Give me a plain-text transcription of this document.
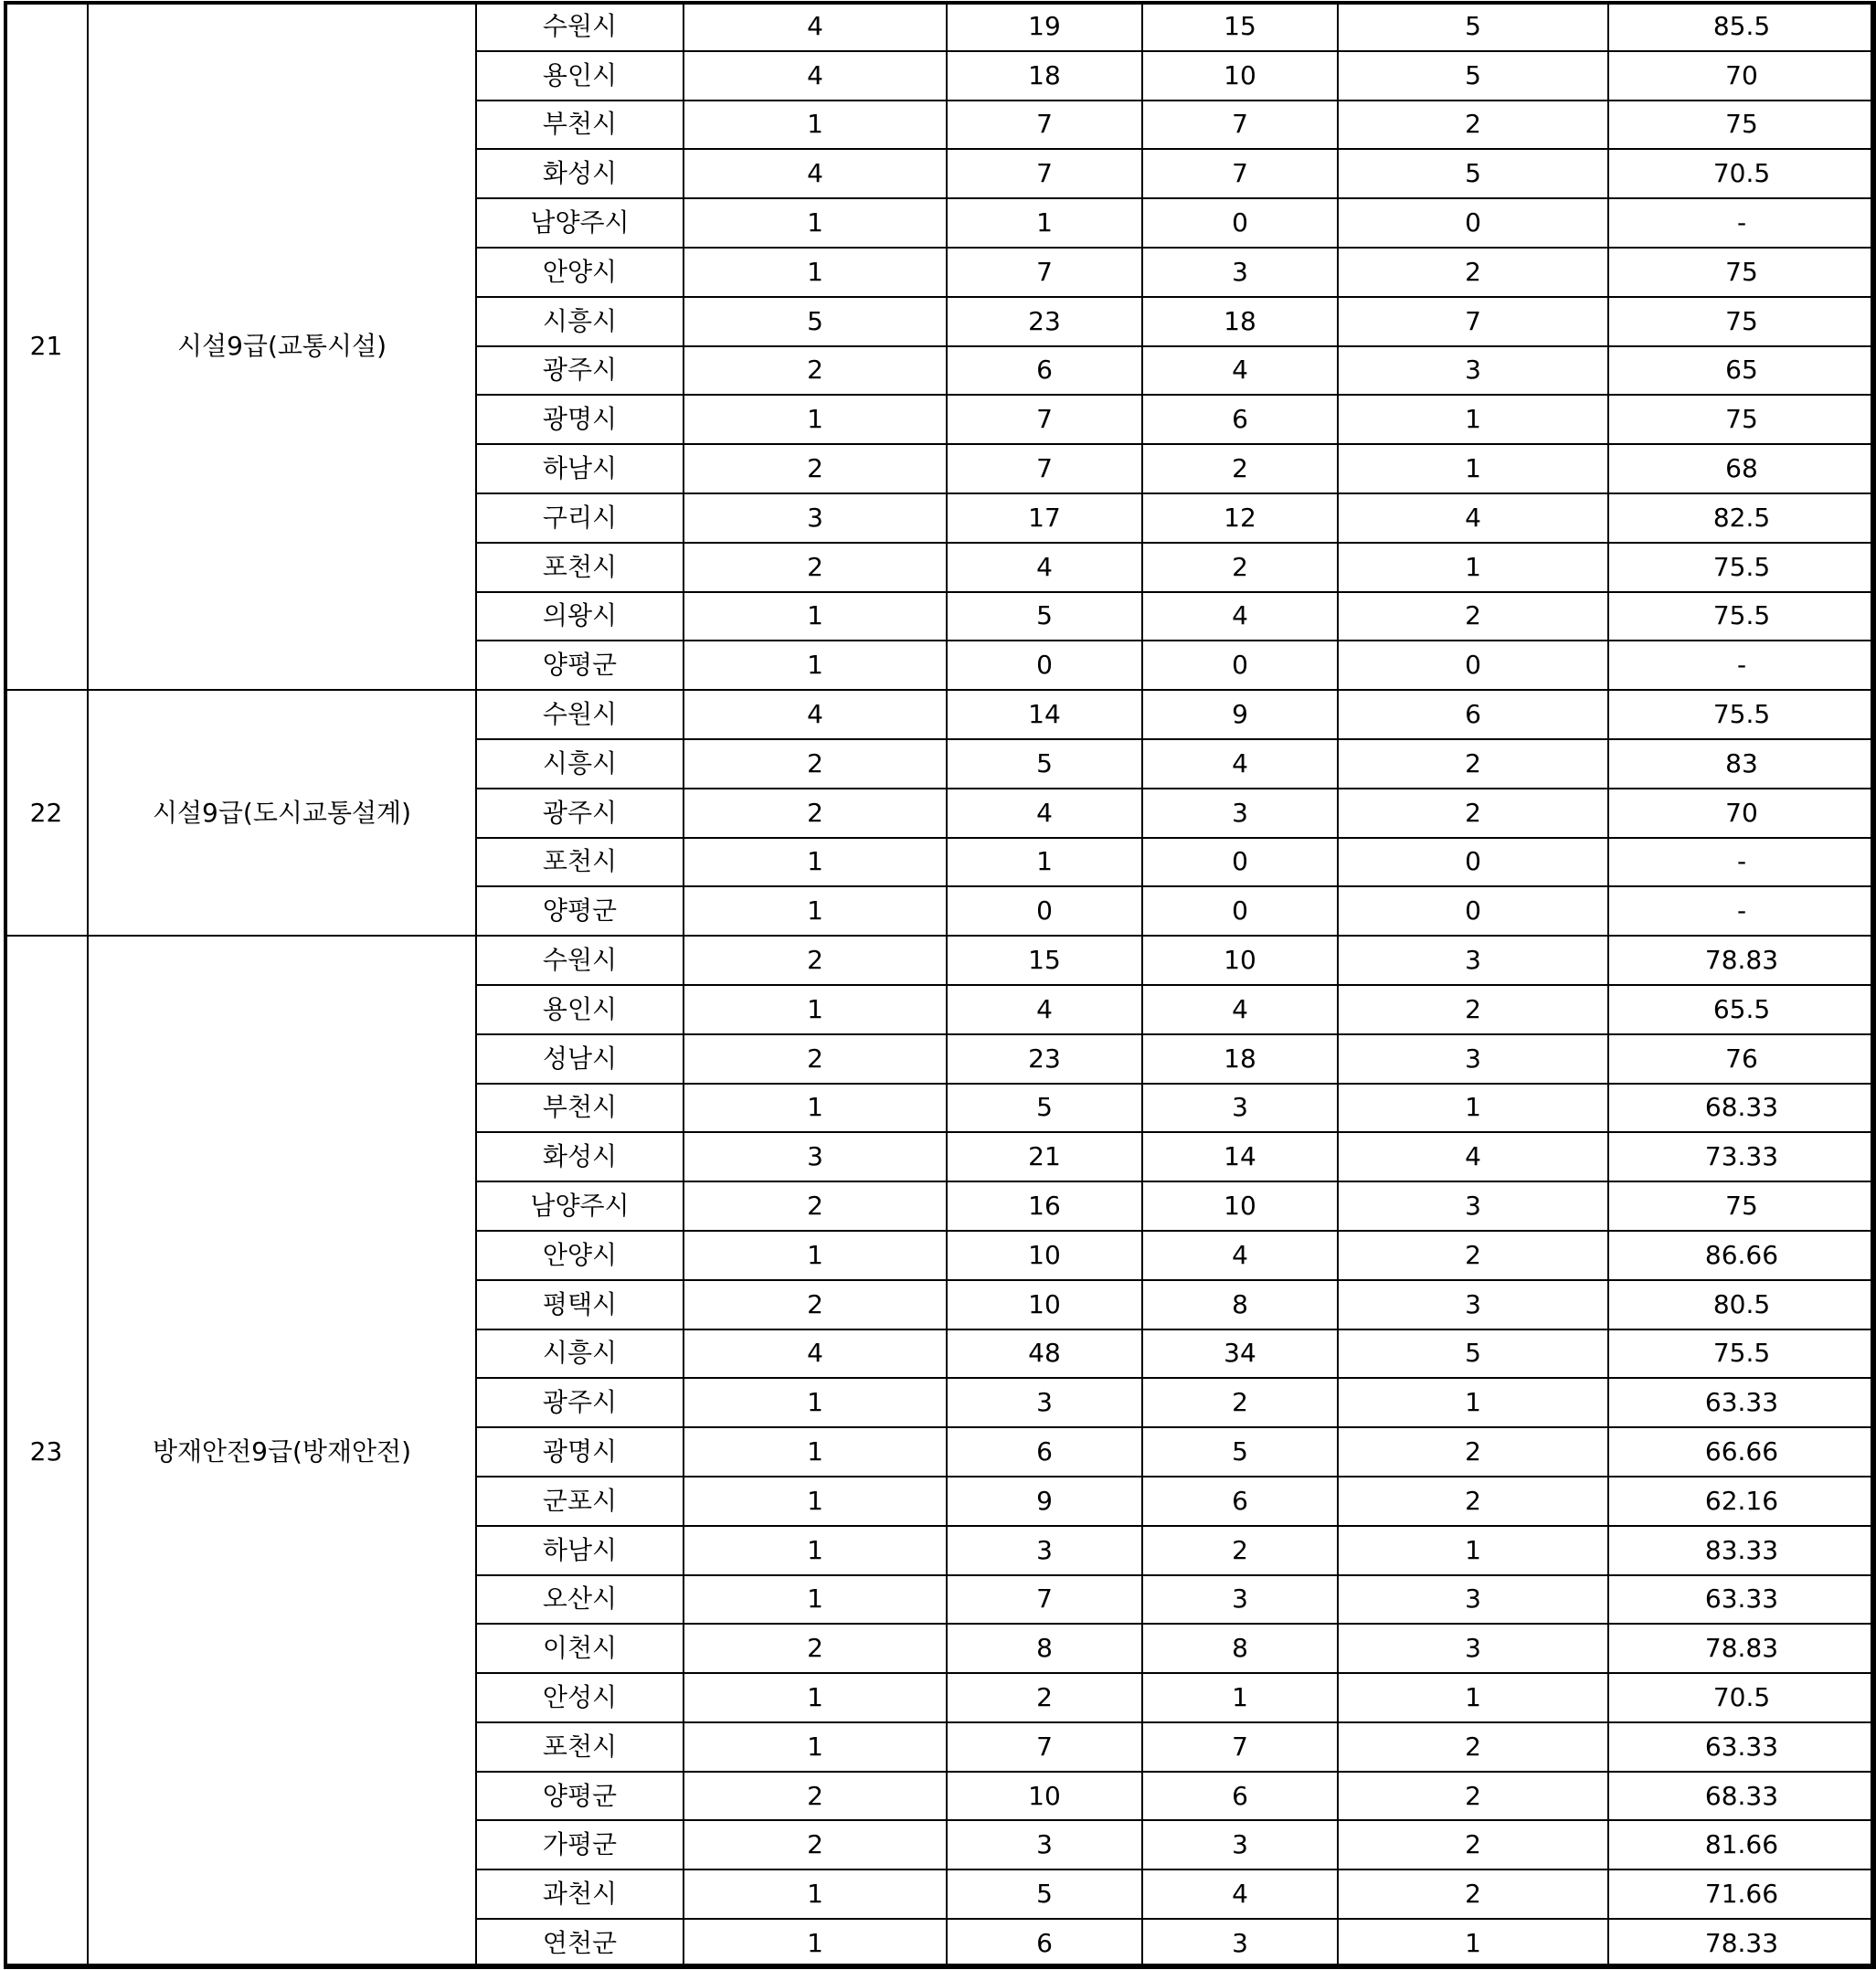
21	시설9급(교통시설)	수원시	4	19	15	5	85.5
		용인시	4	18	10	5	70
		부천시	1	7	7	2	75
		화성시	4	7	7	5	70.5
		남양주시	1	1	0	0	-
		안양시	1	7	3	2	75
		시흥시	5	23	18	7	75
		광주시	2	6	4	3	65
		광명시	1	7	6	1	75
		하남시	2	7	2	1	68
		구리시	3	17	12	4	82.5
		포천시	2	4	2	1	75.5
		의왕시	1	5	4	2	75.5
		양평군	1	0	0	0	-
22	시설9급(도시교통설계)	수원시	4	14	9	6	75.5
		시흥시	2	5	4	2	83
		광주시	2	4	3	2	70
		포천시	1	1	0	0	-
		양평군	1	0	0	0	-
23	방재안전9급(방재안전)	수원시	2	15	10	3	78.83
		용인시	1	4	4	2	65.5
		성남시	2	23	18	3	76
		부천시	1	5	3	1	68.33
		화성시	3	21	14	4	73.33
		남양주시	2	16	10	3	75
		안양시	1	10	4	2	86.66
		평택시	2	10	8	3	80.5
		시흥시	4	48	34	5	75.5
		광주시	1	3	2	1	63.33
		광명시	1	6	5	2	66.66
		군포시	1	9	6	2	62.16
		하남시	1	3	2	1	83.33
		오산시	1	7	3	3	63.33
		이천시	2	8	8	3	78.83
		안성시	1	2	1	1	70.5
		포천시	1	7	7	2	63.33
		양평군	2	10	6	2	68.33
		가평군	2	3	3	2	81.66
		과천시	1	5	4	2	71.66
		연천군	1	6	3	1	78.33
